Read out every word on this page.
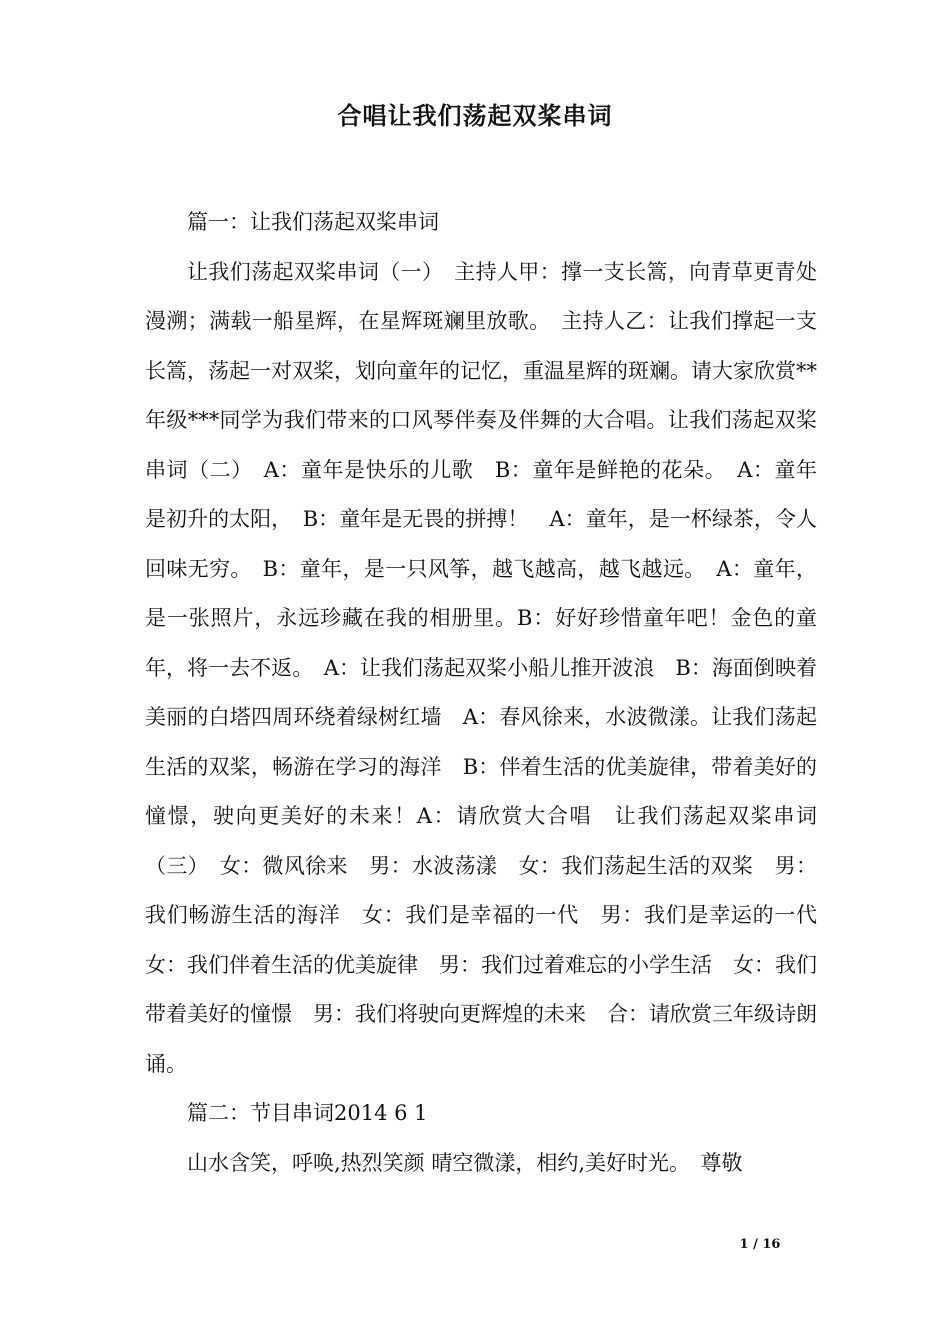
合唱让我们荡起双桨串词

篇一：让我们荡起双桨串词

让我们荡起双桨串词（一）　主持人甲：撑一支长篙，向青草更青处漫溯；满载一船星辉，在星辉斑斓里放歌。　主持人乙：让我们撑起一支长篙，荡起一对双桨，划向童年的记忆，重温星辉的斑斓。请大家欣赏**年级***同学为我们带来的口风琴伴奏及伴舞的大合唱。让我们荡起双桨串词（二）　A：童年是快乐的儿歌　B：童年是鲜艳的花朵。　A：童年是初升的太阳，　B：童年是无畏的拼搏！　A：童年，是一杯绿茶，令人回味无穷。　B：童年，是一只风筝，越飞越高，越飞越远。　A：童年，是一张照片，永远珍藏在我的相册里。B：好好珍惜童年吧！金色的童年，将一去不返。　A：让我们荡起双桨小船儿推开波浪　B：海面倒映着美丽的白塔四周环绕着绿树红墙　A：春风徐来，水波微漾。让我们荡起生活的双桨，畅游在学习的海洋　B：伴着生活的优美旋律，带着美好的憧憬，驶向更美好的未来！A：请欣赏大合唱　让我们荡起双桨串词（三）　女：微风徐来　男：水波荡漾　女：我们荡起生活的双桨　男：我们畅游生活的海洋　女：我们是幸福的一代　男：我们是幸运的一代　女：我们伴着生活的优美旋律　男：我们过着难忘的小学生活　女：我们带着美好的憧憬　男：我们将驶向更辉煌的未来　合：请欣赏三年级诗朗诵。

篇二：节目串词2014 6 1

山水含笑，呼唤,热烈笑颜 晴空微漾，相约,美好时光。　尊敬

1 / 16
